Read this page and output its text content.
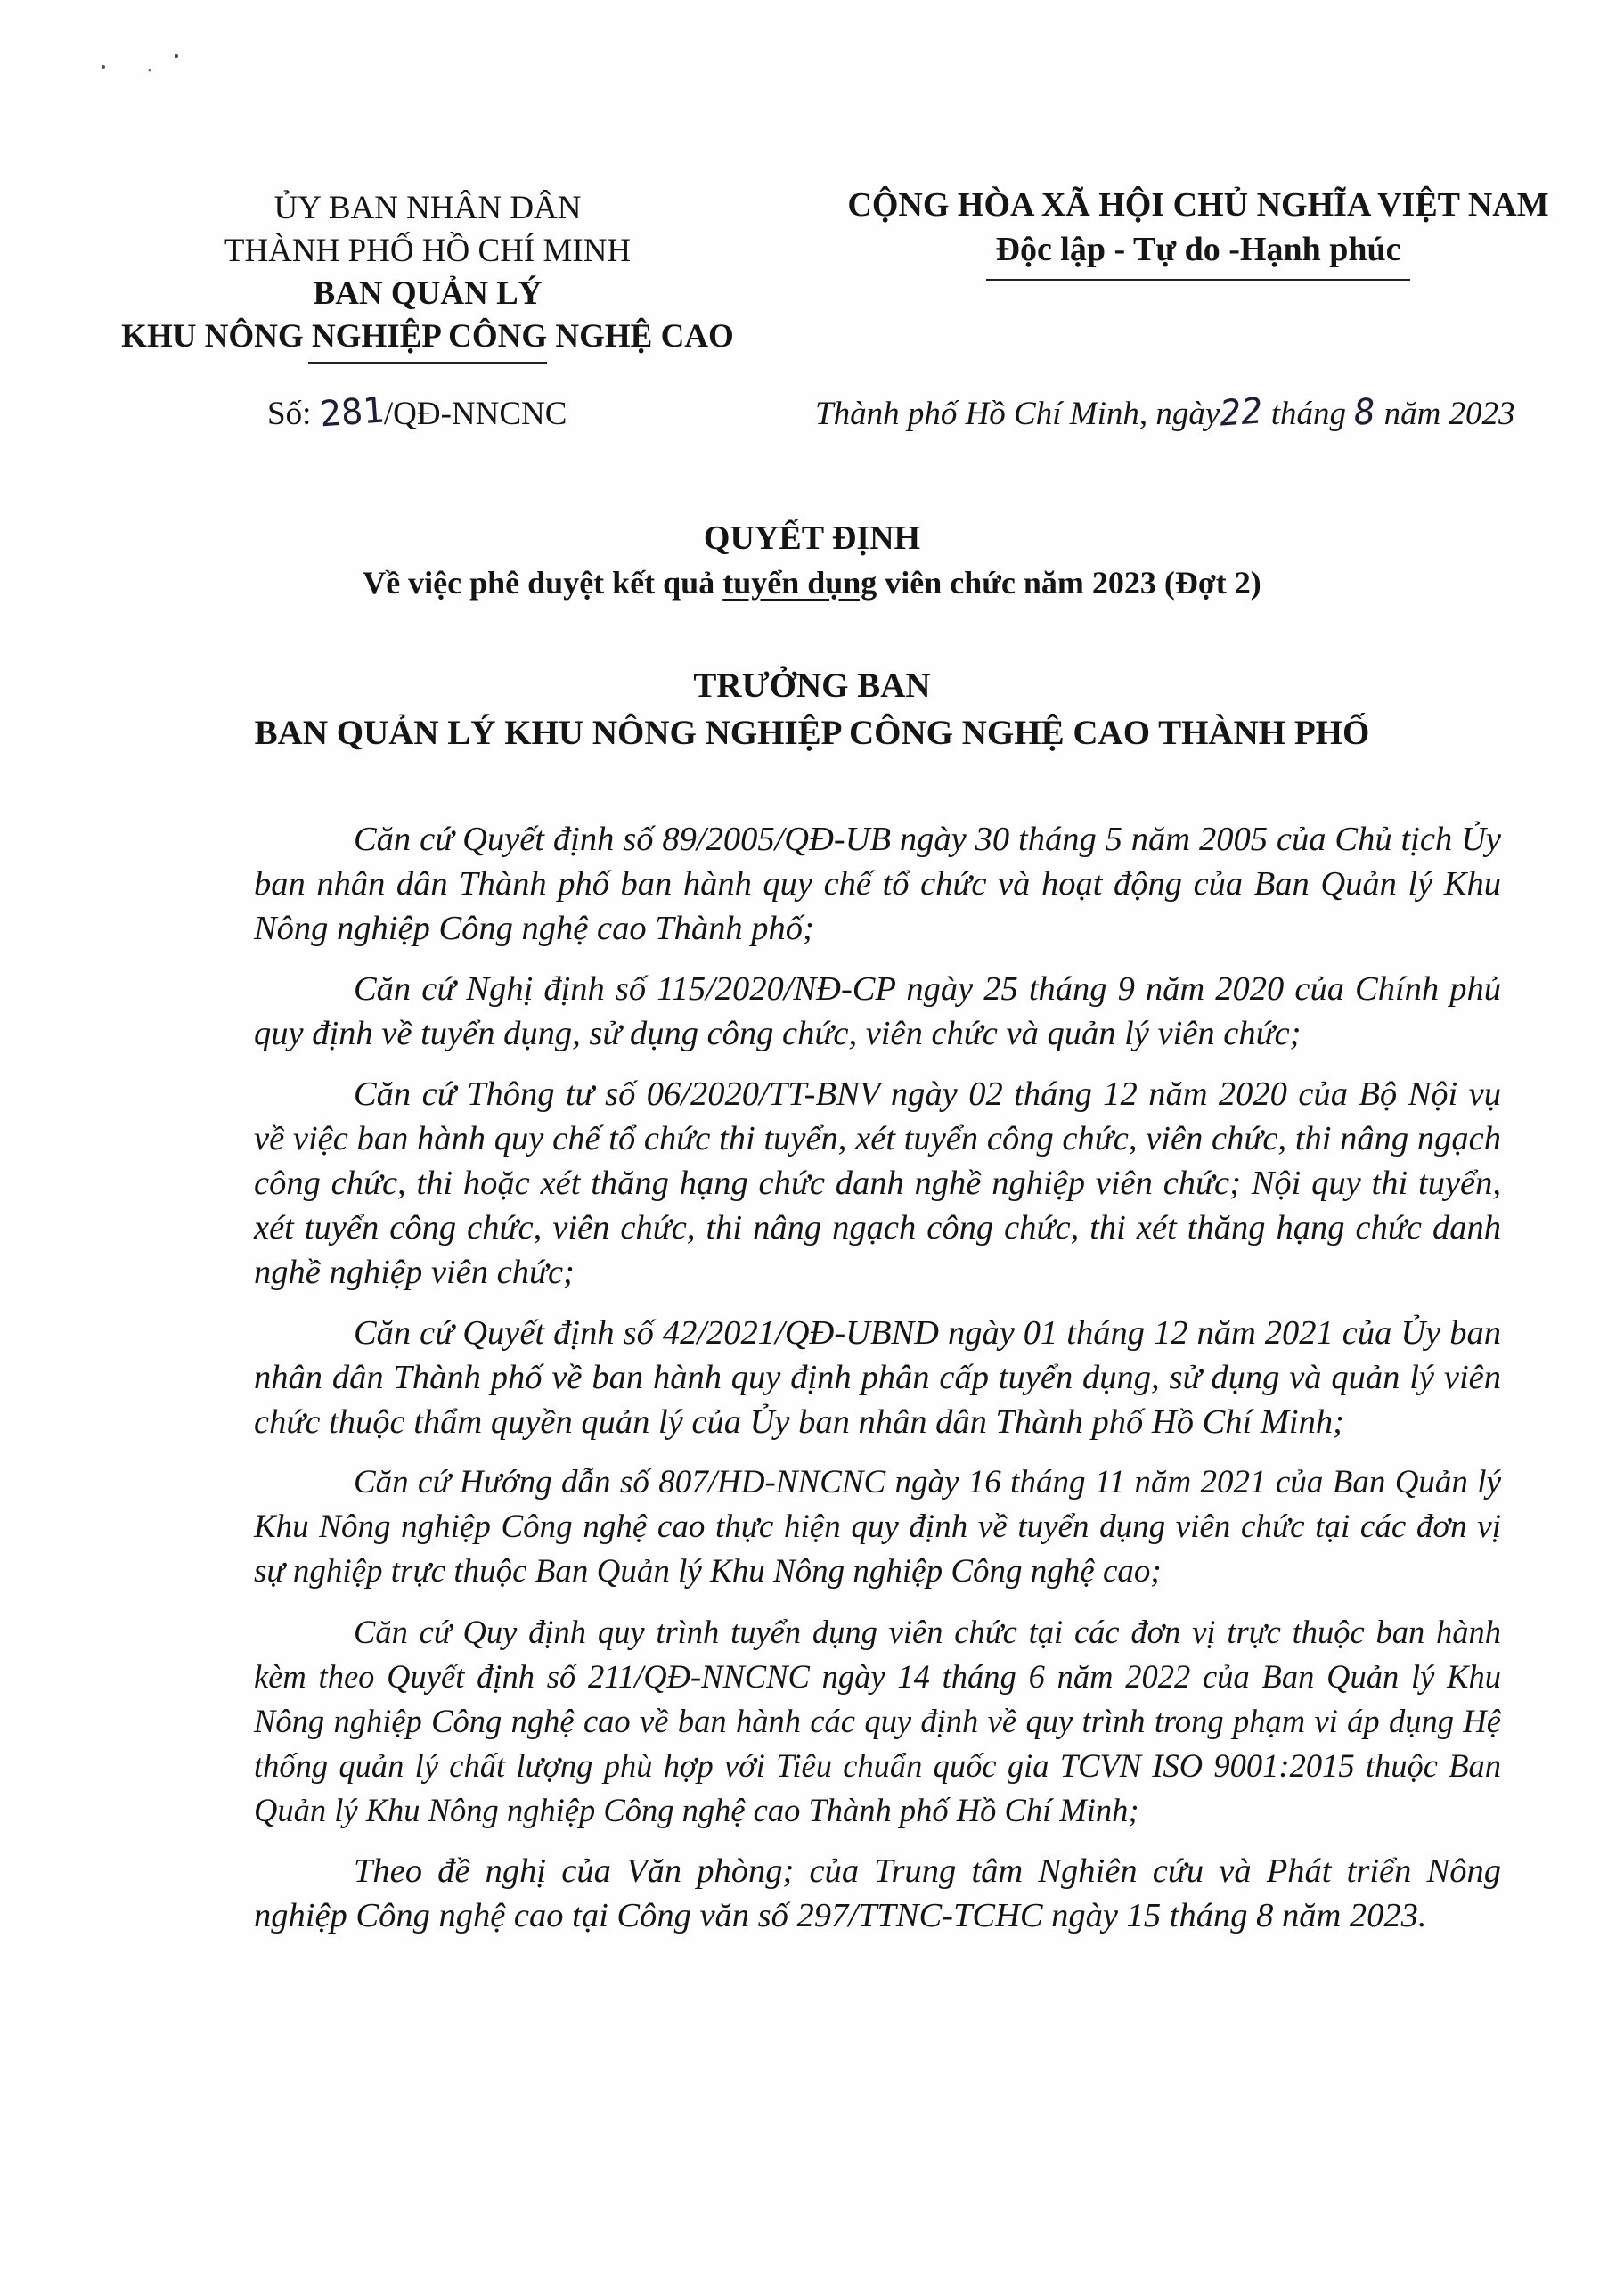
ỦY BAN NHÂN DÂN
THÀNH PHỐ HỒ CHÍ MINH
BAN QUẢN LÝ
KHU NÔNG NGHIỆP CÔNG NGHỆ CAO
CỘNG HÒA XÃ HỘI CHỦ NGHĨA VIỆT NAM
Độc lập - Tự do -Hạnh phúc
Số: 281/QĐ-NNCNC	Thành phố Hồ Chí Minh, ngày22 tháng 8 năm 2023
QUYẾT ĐỊNH
Về việc phê duyệt kết quả tuyển dụng viên chức năm 2023 (Đợt 2)
TRƯỞNG BAN
BAN QUẢN LÝ KHU NÔNG NGHIỆP CÔNG NGHỆ CAO THÀNH PHỐ

Căn cứ Quyết định số 89/2005/QĐ-UB ngày 30 tháng 5 năm 2005 của Chủ tịch Ủy ban nhân dân Thành phố ban hành quy chế tổ chức và hoạt động của Ban Quản lý Khu Nông nghiệp Công nghệ cao Thành phố;

Căn cứ Nghị định số 115/2020/NĐ-CP ngày 25 tháng 9 năm 2020 của Chính phủ quy định về tuyển dụng, sử dụng công chức, viên chức và quản lý viên chức;

Căn cứ Thông tư số 06/2020/TT-BNV ngày 02 tháng 12 năm 2020 của Bộ Nội vụ về việc ban hành quy chế tổ chức thi tuyển, xét tuyển công chức, viên chức, thi nâng ngạch công chức, thi hoặc xét thăng hạng chức danh nghề nghiệp viên chức; Nội quy thi tuyển, xét tuyển công chức, viên chức, thi nâng ngạch công chức, thi xét thăng hạng chức danh nghề nghiệp viên chức;

Căn cứ Quyết định số 42/2021/QĐ-UBND ngày 01 tháng 12 năm 2021 của Ủy ban nhân dân Thành phố về ban hành quy định phân cấp tuyển dụng, sử dụng và quản lý viên chức thuộc thẩm quyền quản lý của Ủy ban nhân dân Thành phố Hồ Chí Minh;

Căn cứ Hướng dẫn số 807/HD-NNCNC ngày 16 tháng 11 năm 2021 của Ban Quản lý Khu Nông nghiệp Công nghệ cao thực hiện quy định về tuyển dụng viên chức tại các đơn vị sự nghiệp trực thuộc Ban Quản lý Khu Nông nghiệp Công nghệ cao;

Căn cứ Quy định quy trình tuyển dụng viên chức tại các đơn vị trực thuộc ban hành kèm theo Quyết định số 211/QĐ-NNCNC ngày 14 tháng 6 năm 2022 của Ban Quản lý Khu Nông nghiệp Công nghệ cao về ban hành các quy định về quy trình trong phạm vi áp dụng Hệ thống quản lý chất lượng phù hợp với Tiêu chuẩn quốc gia TCVN ISO 9001:2015 thuộc Ban Quản lý Khu Nông nghiệp Công nghệ cao Thành phố Hồ Chí Minh;

Theo đề nghị của Văn phòng; của Trung tâm Nghiên cứu và Phát triển Nông nghiệp Công nghệ cao tại Công văn số 297/TTNC-TCHC ngày 15 tháng 8 năm 2023.
